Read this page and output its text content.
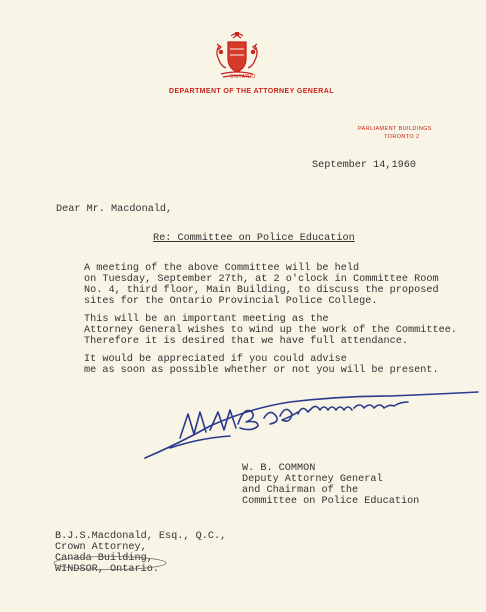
ONTARIO
DEPARTMENT OF THE ATTORNEY GENERAL
PARLIAMENT BUILDINGS
TORONTO 2
September 14,1960
Dear Mr. Macdonald,
Re: Committee on Police Education
A meeting of the above Committee will be held
on Tuesday, September 27th, at 2 o'clock in Committee Room
No. 4, third floor, Main Building, to discuss the proposed
sites for the Ontario Provincial Police College.
This will be an important meeting as the
Attorney General wishes to wind up the work of the Committee.
Therefore it is desired that we have full attendance.
It would be appreciated if you could advise
me as soon as possible whether or not you will be present.
W. B. COMMON
Deputy Attorney General
and Chairman of the
Committee on Police Education
B.J.S.Macdonald, Esq., Q.C.,
Crown Attorney,
Canada Building,
WINDSOR, Ontario.
